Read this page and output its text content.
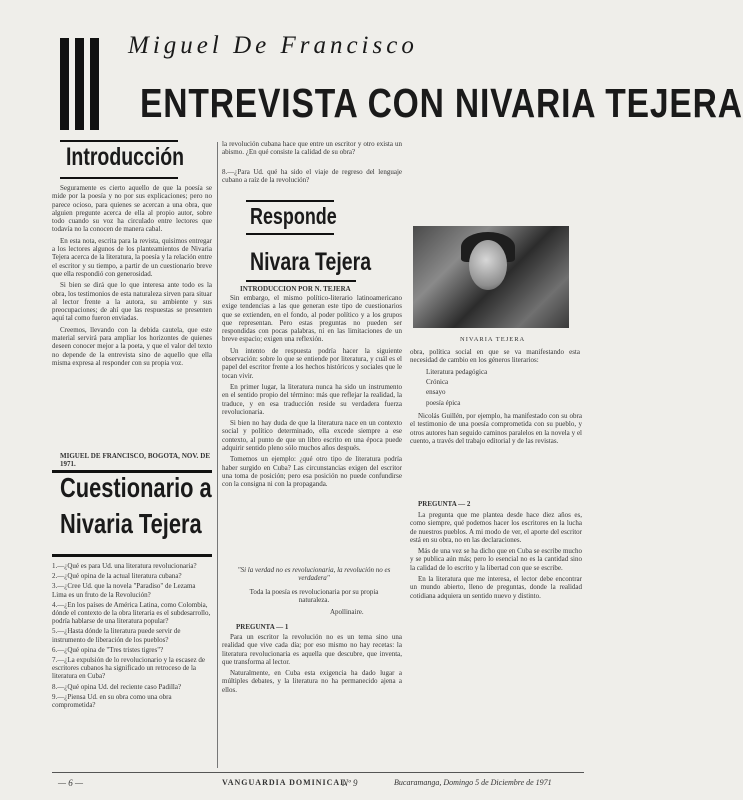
Miguel De Francisco
ENTREVISTA CON NIVARIA TEJERA
Introducción

Seguramente es cierto aquello de que la poesía se mide por la poesía y no por sus explicaciones; pero no parece ocioso, para quienes se acercan a una obra, que alguien pregunte acerca de ella al propio autor, sobre todo cuando su voz ha circulado entre lectores que todavía no la conocen de manera cabal.

En esta nota, escrita para la revista, quisimos entregar a los lectores algunos de los planteamientos de Nivaria Tejera acerca de la literatura, la poesía y la relación entre el escritor y su tiempo, a partir de un cuestionario breve que ella respondió con generosidad.

Si bien se dirá que lo que interesa ante todo es la obra, los testimonios de esta naturaleza sirven para situar al lector frente a la autora, su ambiente y sus preocupaciones; de ahí que las respuestas se presenten aquí tal como fueron enviadas.

Creemos, llevando con la debida cautela, que este material servirá para ampliar los horizontes de quienes deseen conocer mejor a la poeta, y que el valor del texto no depende de la entrevista sino de aquello que ella misma expresa al responder con su propia voz.

MIGUEL DE FRANCISCO, BOGOTA, NOV. DE 1971.
Cuestionario a
Nivaria Tejera
1.—¿Qué es para Ud. una literatura revolucionaria?
2.—¿Qué opina de la actual literatura cubana?
3.—¿Cree Ud. que la novela "Paradiso" de Lezama Lima es un fruto de la Revolución?
4.—¿En los países de América Latina, como Colombia, dónde el contexto de la obra literaria es el subdesarrollo, podría hablarse de una literatura popular?
5.—¿Hasta dónde la literatura puede servir de instrumento de liberación de los pueblos?
6.—¿Qué opina de "Tres tristes tigres"?
7.—¿La expulsión de lo revolucionario y la escasez de escritores cubanos ha significado un retroceso de la literatura en Cuba?
8.—¿Qué opina Ud. del reciente caso Padilla?
9.—¿Piensa Ud. en su obra como una obra comprometida?
la revolución cubana hace que entre un escritor y otro exista un abismo. ¿En qué consiste la calidad de su obra?
8.—¿Para Ud. qué ha sido el viaje de regreso del lenguaje cubano a raíz de la revolución?
Responde
Nivara Tejera
INTRODUCCION POR N. TEJERA

Sin embargo, el mismo político-literario latinoamericano exige tendencias a las que generan este tipo de cuestionarios que se extienden, en el fondo, al poder político y a los grupos que representan. Pero estas preguntas no pueden ser respondidas con pocas palabras, ni en las limitaciones de un breve espacio; exigen una reflexión.

Un intento de respuesta podría hacer la siguiente observación: sobre lo que se entiende por literatura, y cuál es el papel del escritor frente a los hechos históricos y sociales que le tocan vivir.

En primer lugar, la literatura nunca ha sido un instrumento en el sentido propio del término: más que reflejar la realidad, la traduce, y en esa traducción reside su verdadera fuerza revolucionaria.

Si bien no hay duda de que la literatura nace en un contexto social y político determinado, ella excede siempre a ese contexto, al punto de que un libro escrito en una época puede adquirir sentido pleno sólo muchos años después.

Tomemos un ejemplo: ¿qué otro tipo de literatura podría haber surgido en Cuba? Las circunstancias exigen del escritor una toma de posición; pero esa posición no puede confundirse con la consigna ni con la propaganda.

"Si la verdad no es revolucionaria, la revolución no es verdadera"
Toda la poesía es revolucionaria por su propia naturaleza.
Apollinaire.
PREGUNTA — 1

Para un escritor la revolución no es un tema sino una realidad que vive cada día; por eso mismo no hay recetas: la literatura revolucionaria es aquella que descubre, que inventa, que transforma al lector.

Naturalmente, en Cuba esta exigencia ha dado lugar a múltiples debates, y la literatura no ha permanecido ajena a ellos.

NIVARIA TEJERA
obra, política social en que se va manifestando esta necesidad de cambio en los géneros literarios:
Literatura pedagógica
Crónica
ensayo
poesía épica

Nicolás Guillén, por ejemplo, ha manifestado con su obra el testimonio de una poesía comprometida con su pueblo, y otros autores han seguido caminos paralelos en la novela y el cuento, a través del trabajo editorial y de las revistas.

PREGUNTA — 2

La pregunta que me plantea desde hace diez años es, como siempre, qué podemos hacer los escritores en la lucha de nuestros pueblos. A mi modo de ver, el aporte del escritor está en su obra, no en las declaraciones.

Más de una vez se ha dicho que en Cuba se escribe mucho y se publica aún más; pero lo esencial no es la cantidad sino la calidad de lo escrito y la libertad con que se escribe.

En la literatura que me interesa, el lector debe encontrar un mundo abierto, lleno de preguntas, donde la realidad cotidiana adquiera un sentido nuevo y distinto.

— 6 —	VANGUARDIA DOMINICAL
Nº 9	Bucaramanga, Domingo 5 de Diciembre de 1971
